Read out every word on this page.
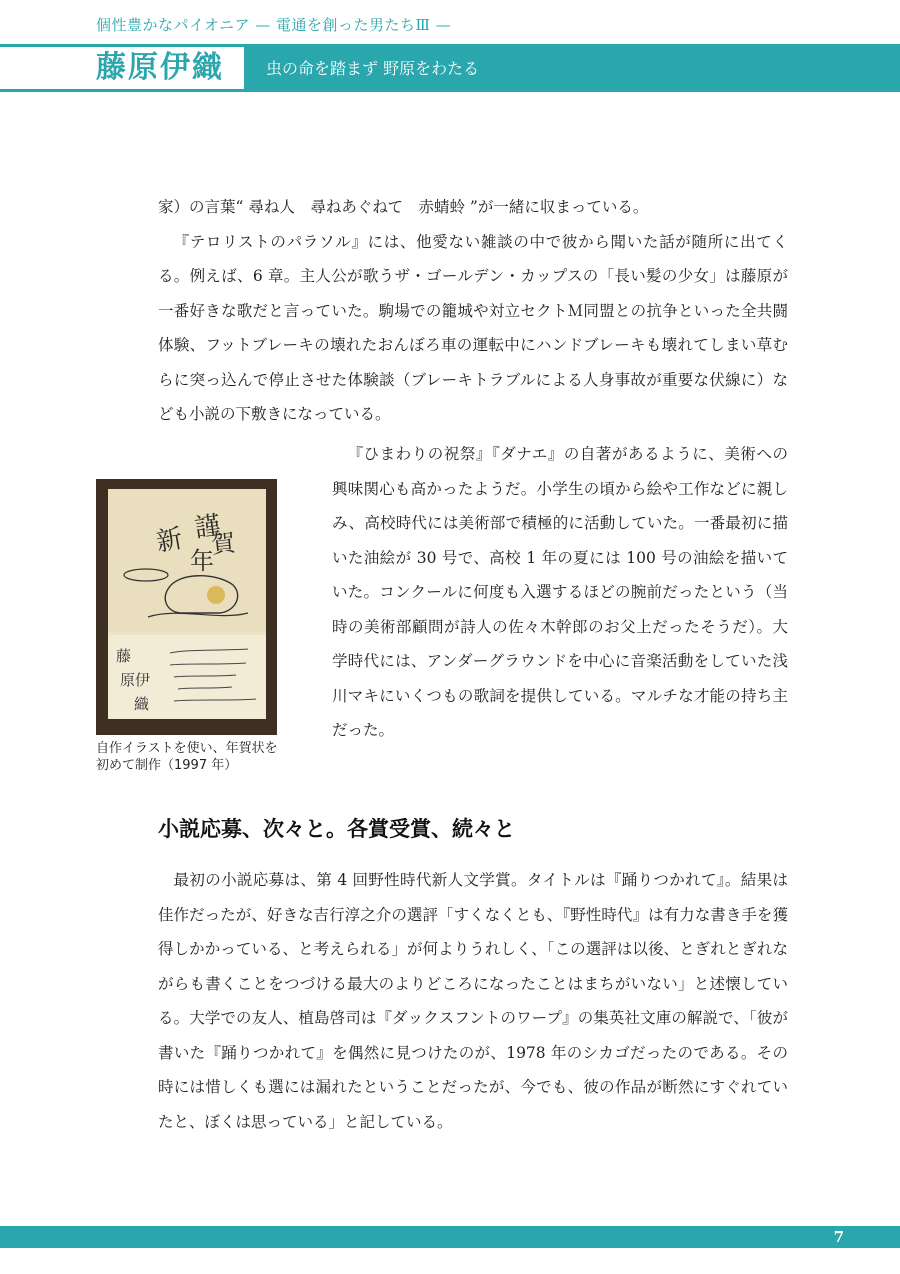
個性豊かなパイオニア — 電通を創った男たちⅢ —
藤原伊織	虫の命を踏まず 野原をわたる
家）の言葉“ 尋ね人　尋ねあぐねて　赤蜻蛉 ”が一緒に収まっている。
『テロリストのパラソル』には、他愛ない雑談の中で彼から聞いた話が随所に出てくる。例えば、6 章。主人公が歌うザ・ゴールデン・カップスの「長い髪の少女」は藤原が一番好きな歌だと言っていた。駒場での籠城や対立セクトＭ同盟との抗争といった全共闘体験、フットブレーキの壊れたおんぼろ車の運転中にハンドブレーキも壊れてしまい草むらに突っ込んで停止させた体験談（ブレーキトラブルによる人身事故が重要な伏線に）なども小説の下敷きになっている。
謹
賀
新
年
藤
原伊
織
自作イラストを使い、年賀状を
初めて制作（1997 年）
『ひまわりの祝祭』『ダナエ』の自著があるように、美術への興味関心も高かったようだ。小学生の頃から絵や工作などに親しみ、高校時代には美術部で積極的に活動していた。一番最初に描いた油絵が 30 号で、高校 1 年の夏には 100 号の油絵を描いていた。コンクールに何度も入選するほどの腕前だったという（当時の美術部顧問が詩人の佐々木幹郎のお父上だったそうだ）。大学時代には、アンダーグラウンドを中心に音楽活動をしていた浅川マキにいくつもの歌詞を提供している。マルチな才能の持ち主だった。
小説応募、次々と。各賞受賞、続々と
最初の小説応募は、第 4 回野性時代新人文学賞。タイトルは『踊りつかれて』。結果は佳作だったが、好きな吉行淳之介の選評「すくなくとも、『野性時代』は有力な書き手を獲得しかかっている、と考えられる」が何よりうれしく、「この選評は以後、とぎれとぎれながらも書くことをつづける最大のよりどころになったことはまちがいない」と述懐している。大学での友人、植島啓司は『ダックスフントのワープ』の集英社文庫の解説で、「彼が書いた『踊りつかれて』を偶然に見つけたのが、1978 年のシカゴだったのである。その時には惜しくも選には漏れたということだったが、今でも、彼の作品が断然にすぐれていたと、ぼくは思っている」と記している。
7
